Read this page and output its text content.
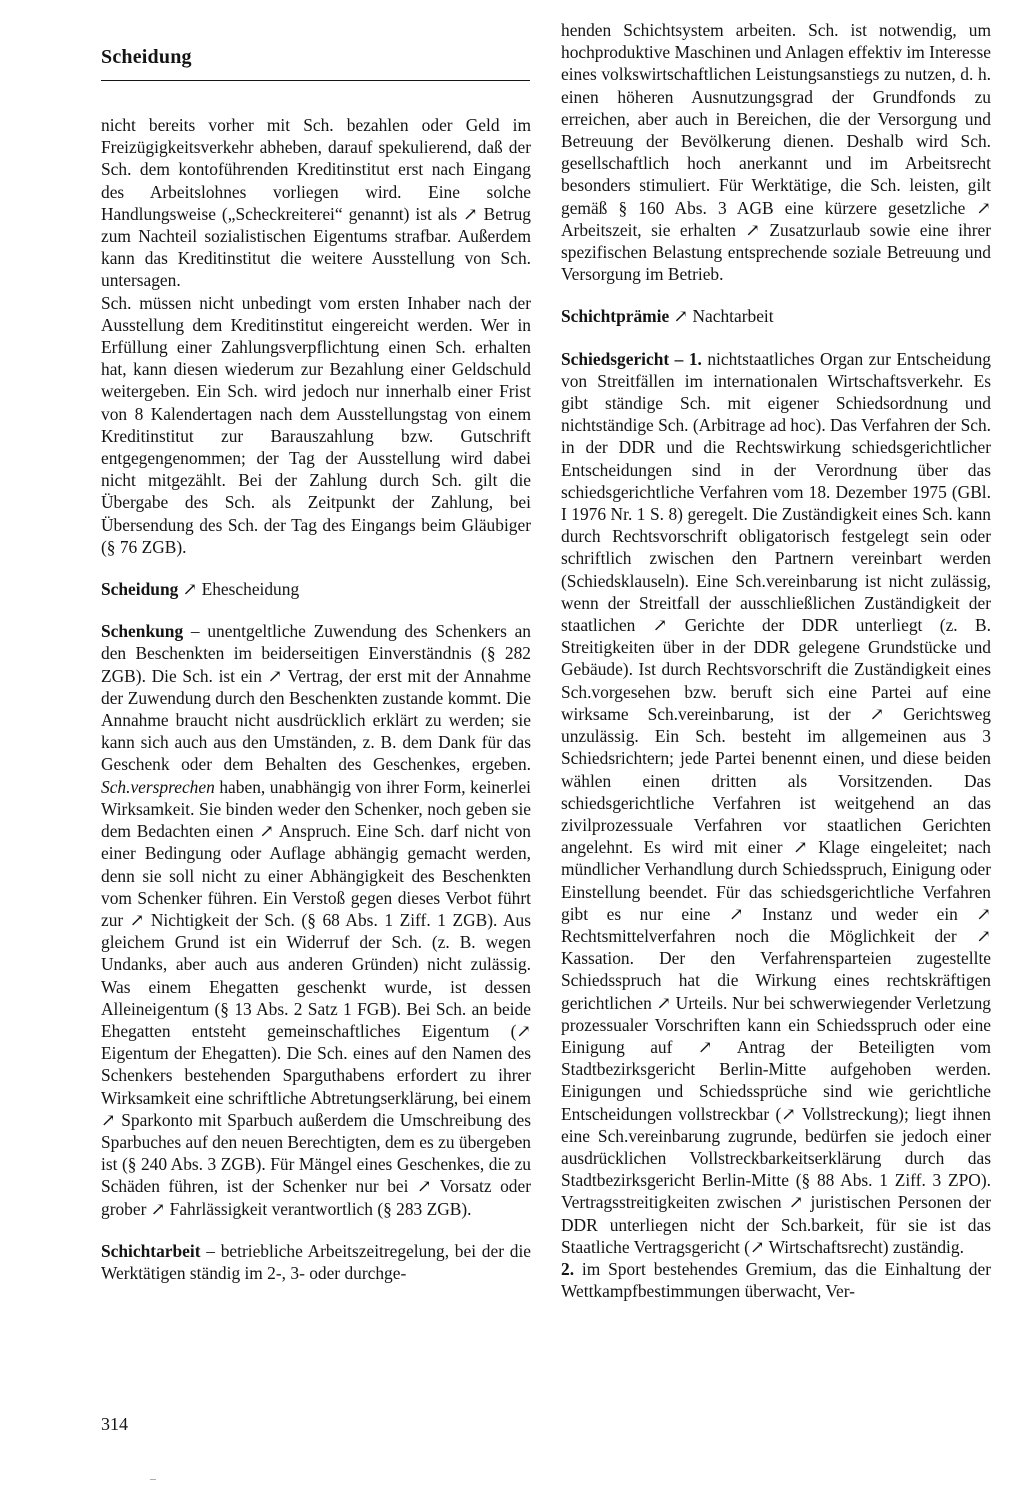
Scheidung

nicht bereits vorher mit Sch. bezahlen oder Geld im Freizügigkeitsverkehr abheben, darauf spekulierend, daß der Sch. dem kontoführenden Kreditinstitut erst nach Eingang des Arbeitslohnes vorliegen wird. Eine solche Handlungsweise („Scheckreiterei“ genannt) ist als ↗ Betrug zum Nachteil sozialistischen Eigentums strafbar. Außerdem kann das Kreditinstitut die weitere Ausstellung von Sch. untersagen.

Sch. müssen nicht unbedingt vom ersten Inhaber nach der Ausstellung dem Kreditinstitut eingereicht werden. Wer in Erfüllung einer Zahlungsverpflichtung einen Sch. erhalten hat, kann diesen wiederum zur Bezahlung einer Geldschuld weitergeben. Ein Sch. wird jedoch nur innerhalb einer Frist von 8 Kalendertagen nach dem Ausstellungstag von einem Kreditinstitut zur Barauszahlung bzw. Gutschrift entgegengenommen; der Tag der Ausstellung wird dabei nicht mitgezählt. Bei der Zahlung durch Sch. gilt die Übergabe des Sch. als Zeitpunkt der Zahlung, bei Übersendung des Sch. der Tag des Eingangs beim Gläubiger (§ 76 ZGB).

Scheidung ↗ Ehescheidung

Schenkung – unentgeltliche Zuwendung des Schenkers an den Beschenkten im beiderseitigen Einverständnis (§ 282 ZGB). Die Sch. ist ein ↗ Vertrag, der erst mit der Annahme der Zuwendung durch den Beschenkten zustande kommt. Die Annahme braucht nicht ausdrücklich erklärt zu werden; sie kann sich auch aus den Umständen, z. B. dem Dank für das Geschenk oder dem Behalten des Geschenkes, ergeben. Sch.versprechen haben, unabhängig von ihrer Form, keinerlei Wirksamkeit. Sie binden weder den Schenker, noch geben sie dem Bedachten einen ↗ Anspruch. Eine Sch. darf nicht von einer Bedingung oder Auflage abhängig gemacht werden, denn sie soll nicht zu einer Abhängigkeit des Beschenkten vom Schenker führen. Ein Verstoß gegen dieses Verbot führt zur ↗ Nichtigkeit der Sch. (§ 68 Abs. 1 Ziff. 1 ZGB). Aus gleichem Grund ist ein Widerruf der Sch. (z. B. wegen Undanks, aber auch aus anderen Gründen) nicht zulässig. Was einem Ehegatten geschenkt wurde, ist dessen Alleineigentum (§ 13 Abs. 2 Satz 1 FGB). Bei Sch. an beide Ehegatten entsteht gemeinschaftliches Eigentum (↗ Eigentum der Ehegatten). Die Sch. eines auf den Namen des Schenkers bestehenden Sparguthabens erfordert zu ihrer Wirksamkeit eine schriftliche Abtretungserklärung, bei einem ↗ Sparkonto mit Sparbuch außerdem die Umschreibung des Sparbuches auf den neuen Berechtigten, dem es zu übergeben ist (§ 240 Abs. 3 ZGB). Für Mängel eines Geschenkes, die zu Schäden führen, ist der Schenker nur bei ↗ Vorsatz oder grober ↗ Fahrlässigkeit verantwortlich (§ 283 ZGB).

Schichtarbeit – betriebliche Arbeitszeitregelung, bei der die Werktätigen ständig im 2-, 3- oder durchge-

henden Schichtsystem arbeiten. Sch. ist notwendig, um hochproduktive Maschinen und Anlagen effektiv im Interesse eines volkswirtschaftlichen Leistungsanstiegs zu nutzen, d. h. einen höheren Ausnutzungsgrad der Grundfonds zu erreichen, aber auch in Bereichen, die der Versorgung und Betreuung der Bevölkerung dienen. Deshalb wird Sch. gesellschaftlich hoch anerkannt und im Arbeitsrecht besonders stimuliert. Für Werktätige, die Sch. leisten, gilt gemäß § 160 Abs. 3 AGB eine kürzere gesetzliche ↗ Arbeitszeit, sie erhalten ↗ Zusatzurlaub sowie eine ihrer spezifischen Belastung entsprechende soziale Betreuung und Versorgung im Betrieb.

Schichtprämie ↗ Nachtarbeit

Schiedsgericht – 1. nichtstaatliches Organ zur Entscheidung von Streitfällen im internationalen Wirtschaftsverkehr. Es gibt ständige Sch. mit eigener Schiedsordnung und nichtständige Sch. (Arbitrage ad hoc). Das Verfahren der Sch. in der DDR und die Rechtswirkung schiedsgerichtlicher Entscheidungen sind in der Verordnung über das schiedsgerichtliche Verfahren vom 18. Dezember 1975 (GBl. I 1976 Nr. 1 S. 8) geregelt. Die Zuständigkeit eines Sch. kann durch Rechtsvorschrift obligatorisch festgelegt sein oder schriftlich zwischen den Partnern vereinbart werden (Schiedsklauseln). Eine Sch.vereinbarung ist nicht zulässig, wenn der Streitfall der ausschließlichen Zuständigkeit der staatlichen ↗ Gerichte der DDR unterliegt (z. B. Streitigkeiten über in der DDR gelegene Grundstücke und Gebäude). Ist durch Rechtsvorschrift die Zuständigkeit eines Sch.vorgesehen bzw. beruft sich eine Partei auf eine wirksame Sch.vereinbarung, ist der ↗ Gerichtsweg unzulässig. Ein Sch. besteht im allgemeinen aus 3 Schiedsrichtern; jede Partei benennt einen, und diese beiden wählen einen dritten als Vorsitzenden. Das schiedsgerichtliche Verfahren ist weitgehend an das zivilprozessuale Verfahren vor staatlichen Gerichten angelehnt. Es wird mit einer ↗ Klage eingeleitet; nach mündlicher Verhandlung durch Schiedsspruch, Einigung oder Einstellung beendet. Für das schiedsgerichtliche Verfahren gibt es nur eine ↗ Instanz und weder ein ↗ Rechtsmittelverfahren noch die Möglichkeit der ↗ Kassation. Der den Verfahrensparteien zugestellte Schiedsspruch hat die Wirkung eines rechtskräftigen gerichtlichen ↗ Urteils. Nur bei schwerwiegender Verletzung prozessualer Vorschriften kann ein Schiedsspruch oder eine Einigung auf ↗ Antrag der Beteiligten vom Stadtbezirksgericht Berlin-Mitte aufgehoben werden. Einigungen und Schiedssprüche sind wie gerichtliche Entscheidungen vollstreckbar (↗ Vollstreckung); liegt ihnen eine Sch.vereinbarung zugrunde, bedürfen sie jedoch einer ausdrücklichen Vollstreckbarkeitserklärung durch das Stadtbezirksgericht Berlin-Mitte (§ 88 Abs. 1 Ziff. 3 ZPO). Vertragsstreitigkeiten zwischen ↗ juristischen Personen der DDR unterliegen nicht der Sch.barkeit, für sie ist das Staatliche Vertragsgericht (↗ Wirtschaftsrecht) zuständig.
2. im Sport bestehendes Gremium, das die Einhaltung der Wettkampfbestimmungen überwacht, Ver-

314
–
